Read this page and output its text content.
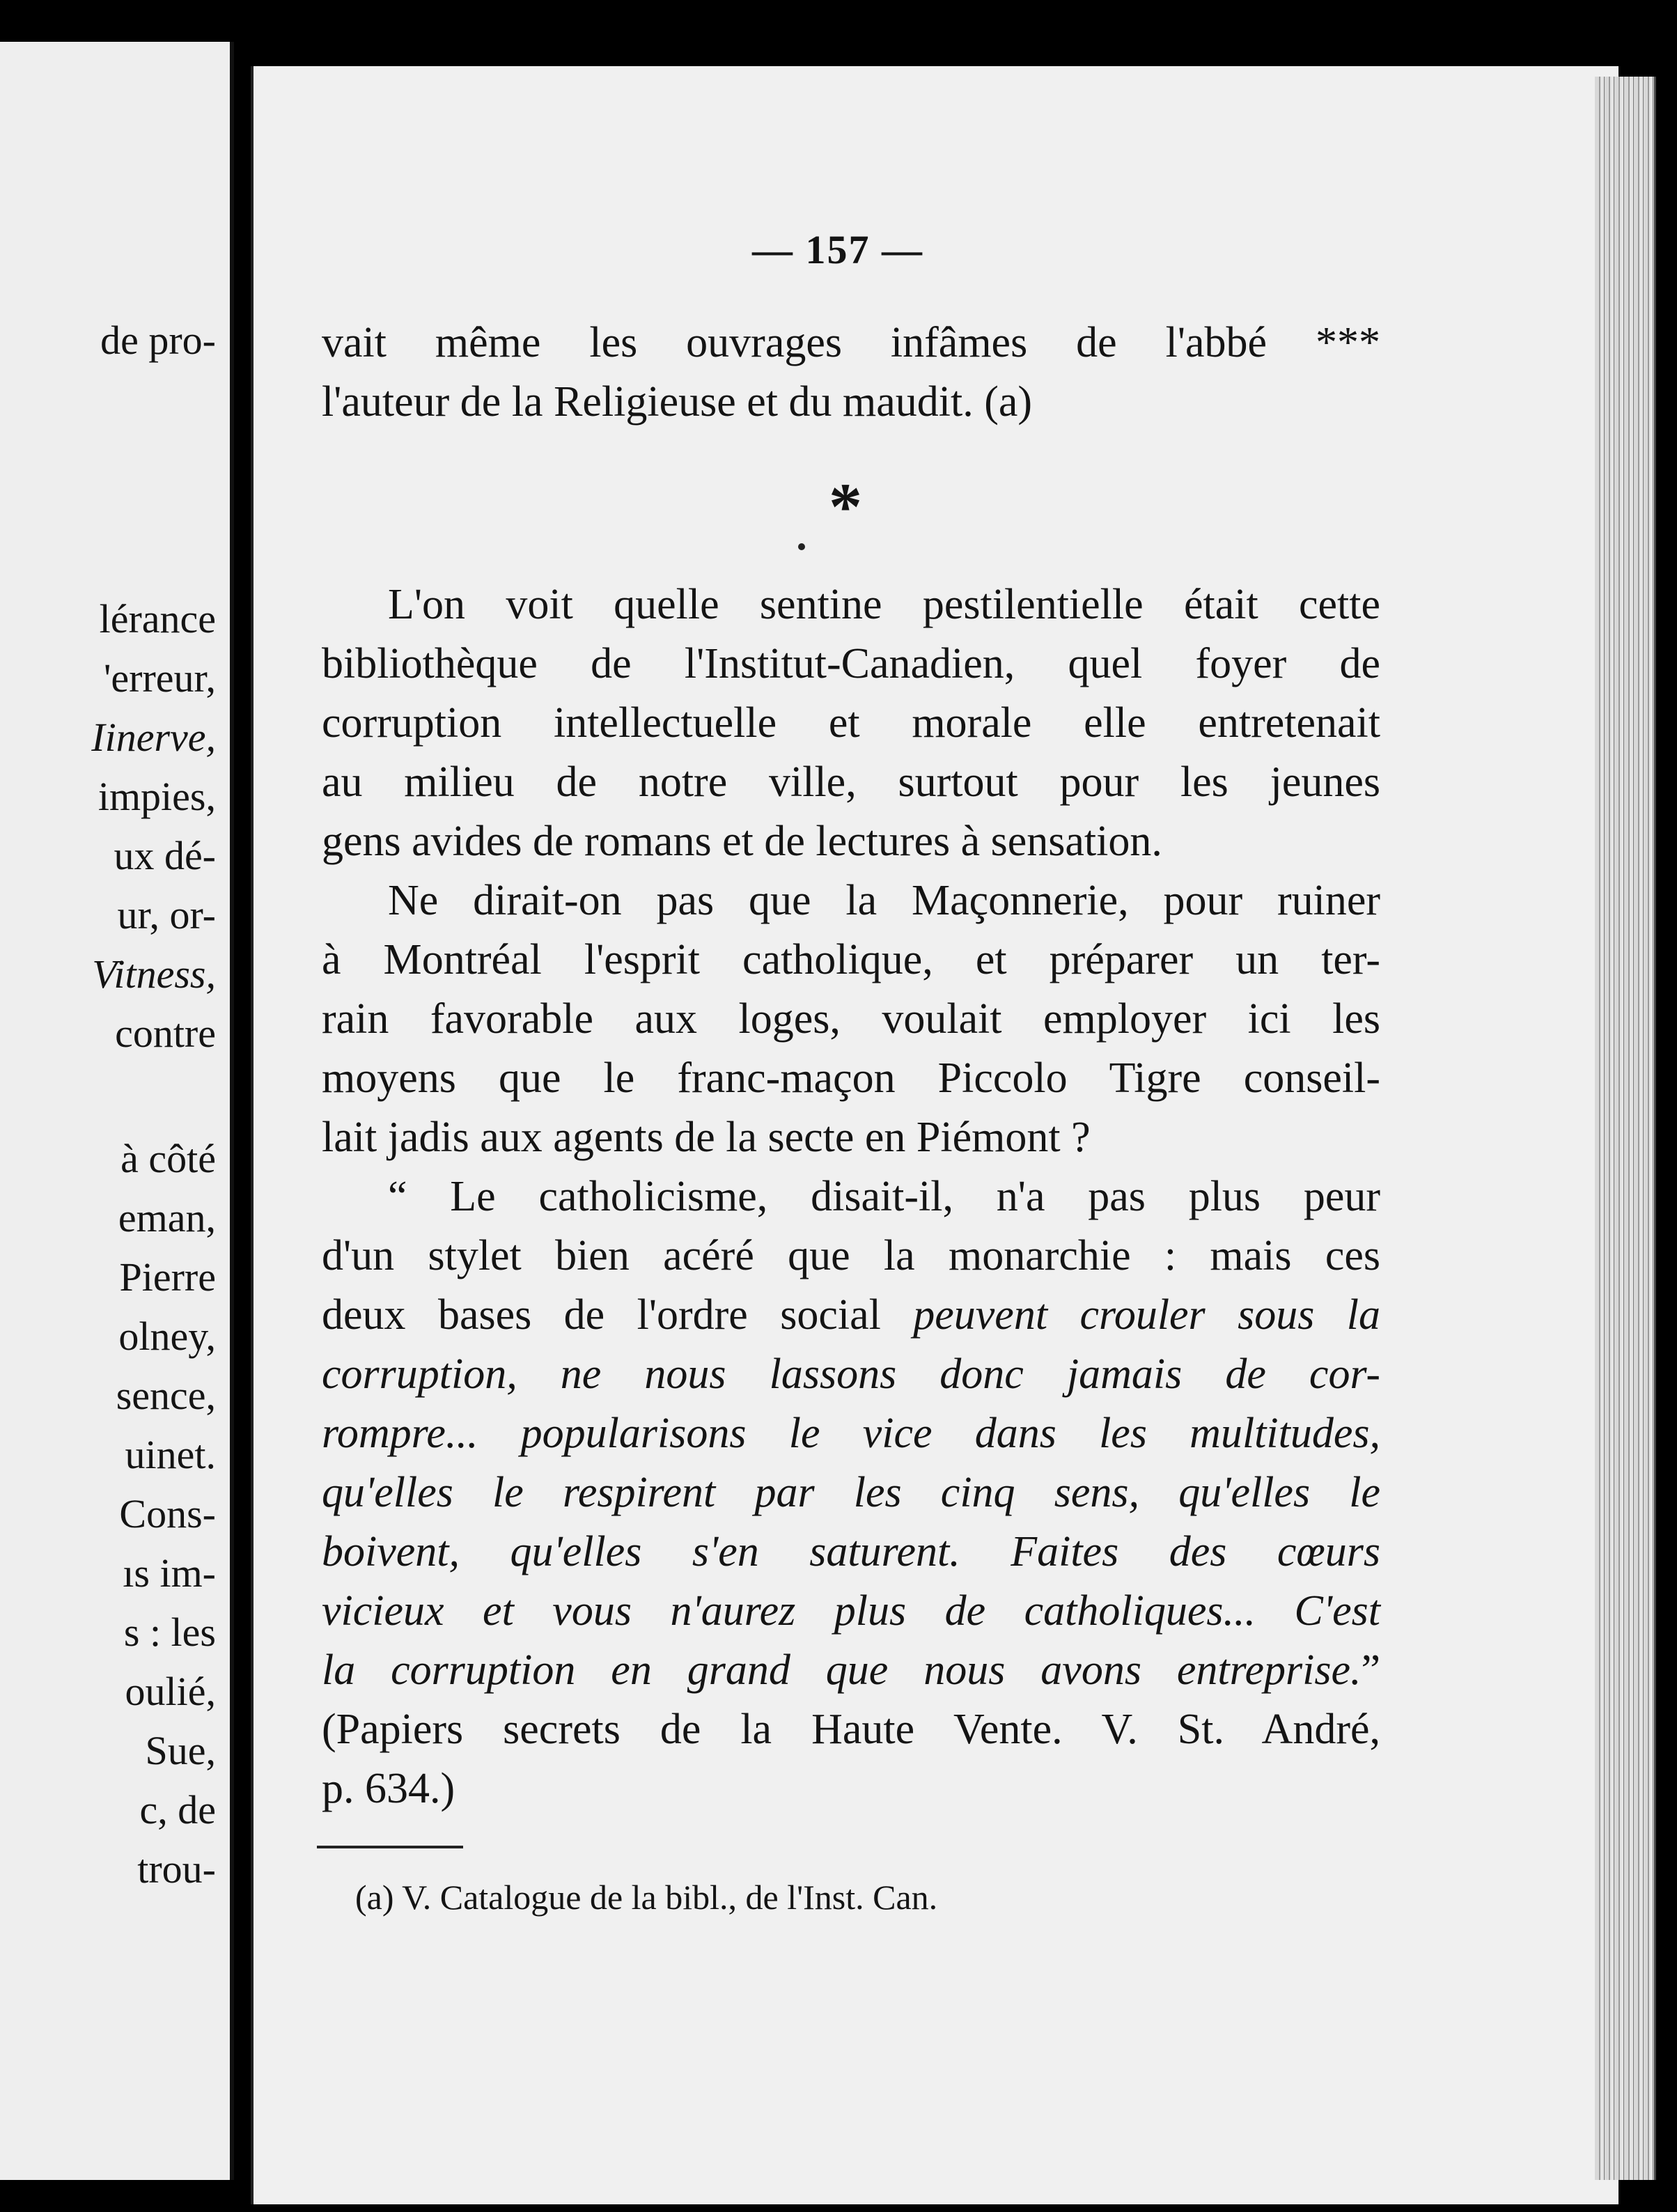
de pro-
lérance
'erreur,
Iinerve,
impies,
ux dé-
ur, or-
Vitness,
contre
à côté
eman,
Pierre
olney,
sence,
uinet.
Cons-
ıs im-
s : les
oulié,
Sue,
c, de
trou-
— 157 —
vait même les ouvrages infâmes de l'abbé ***
l'auteur de la Religieuse et du maudit. (a)
*
L'on voit quelle sentine pestilentielle était cette
bibliothèque de l'Institut-Canadien, quel foyer de
corruption intellectuelle et morale elle entretenait
au milieu de notre ville, surtout pour les jeunes
gens avides de romans et de lectures à sensation.
Ne dirait-on pas que la Maçonnerie, pour ruiner
à Montréal l'esprit catholique, et préparer un ter-
rain favorable aux loges, voulait employer ici les
moyens que le franc-maçon Piccolo Tigre conseil-
lait jadis aux agents de la secte en Piémont ?
“ Le catholicisme, disait-il, n'a pas plus peur
d'un stylet bien acéré que la monarchie : mais ces
deux bases de l'ordre social peuvent crouler sous la
corruption, ne nous lassons donc jamais de cor-
rompre... popularisons le vice dans les multitudes,
qu'elles le respirent par les cinq sens, qu'elles le
boivent, qu'elles s'en saturent. Faites des cœurs
vicieux et vous n'aurez plus de catholiques... C'est
la corruption en grand que nous avons entreprise.”
(Papiers secrets de la Haute Vente. V. St. André,
p. 634.)
(a) V. Catalogue de la bibl., de l'Inst. Can.
